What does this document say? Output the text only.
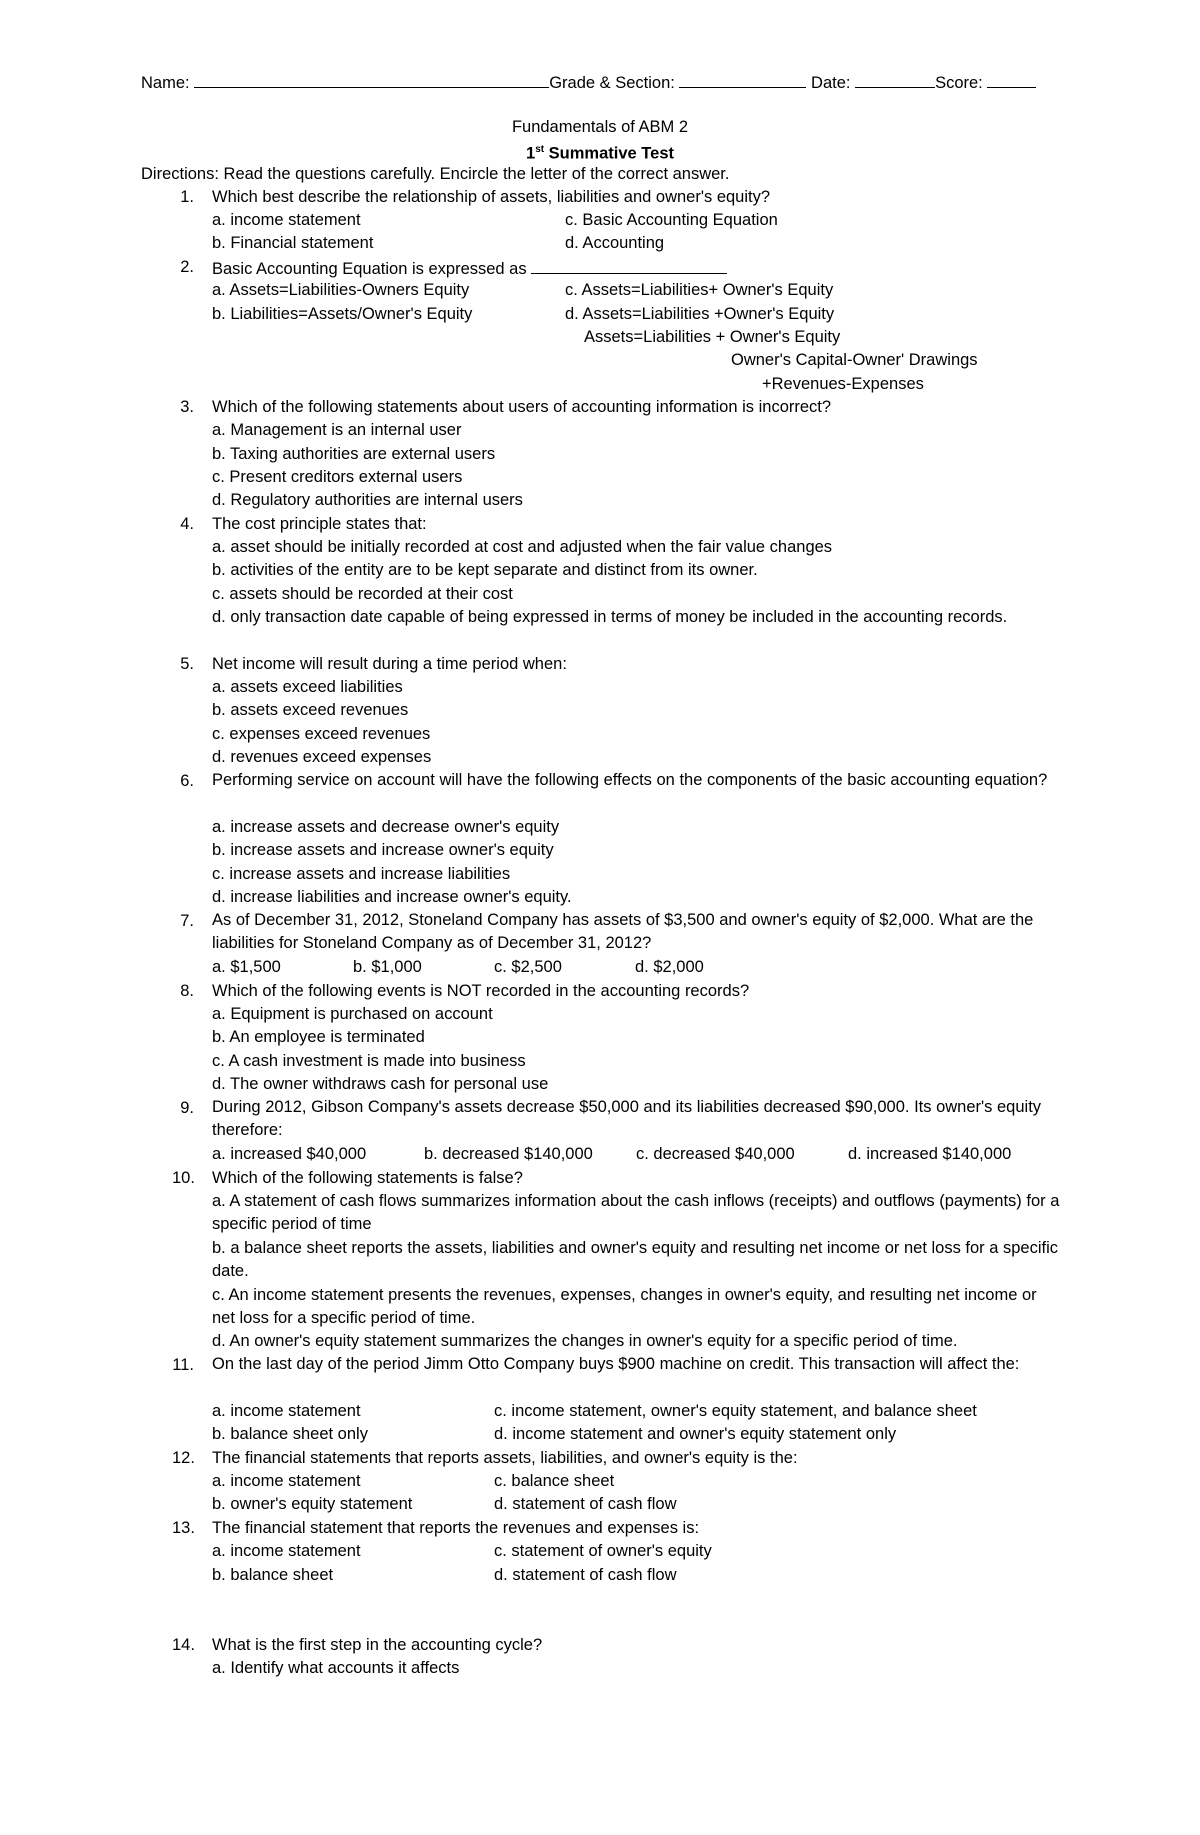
Name:	Grade & Section:	Date:	Score:
Fundamentals of ABM 2
1st Summative Test
Directions: Read the questions carefully. Encircle the letter of the correct answer.
1. Which best describe the relationship of assets, liabilities and owner's equity?
a. income statement	c. Basic Accounting Equation
b. Financial statement	d. Accounting
2. Basic Accounting Equation is expressed as
a. Assets=Liabilities-Owners Equity	c. Assets=Liabilities+ Owner's Equity
b. Liabilities=Assets/Owner's Equity	d. Assets=Liabilities +Owner's Equity
Assets=Liabilities + Owner's Equity
Owner's Capital-Owner' Drawings
+Revenues-Expenses
3. Which of the following statements about users of accounting information is incorrect?
a. Management is an internal user
b. Taxing authorities are external users
c. Present creditors external users
d. Regulatory authorities are internal users
4. The cost principle states that:
a. asset should be initially recorded at cost and adjusted when the fair value changes
b. activities of the entity are to be kept separate and distinct from its owner.
c. assets should be recorded at their cost
d. only transaction date capable of being expressed in terms of money be included in the accounting records.
5. Net income will result during a time period when:
a. assets exceed liabilities
b. assets exceed revenues
c. expenses exceed revenues
d. revenues exceed expenses
6. Performing service on account will have the following effects on the components of the basic accounting equation?
a. increase assets and decrease owner's equity
b. increase assets and increase owner's equity
c. increase assets and increase liabilities
d. increase liabilities and increase owner's equity.
7. As of December 31, 2012, Stoneland Company has assets of $3,500 and owner's equity of $2,000. What are the liabilities for Stoneland Company as of December 31, 2012?
a. $1,500	b. $1,000	c. $2,500	d. $2,000
8. Which of the following events is NOT recorded in the accounting records?
a. Equipment is purchased on account
b. An employee is terminated
c. A cash investment is made into business
d. The owner withdraws cash for personal use
9. During 2012, Gibson Company's assets decrease $50,000 and its liabilities decreased $90,000. Its owner's equity therefore:
a. increased $40,000	b. decreased $140,000	c. decreased $40,000	d. increased $140,000
10. Which of the following statements is false?
a. A statement of cash flows summarizes information about the cash inflows (receipts) and outflows (payments) for a specific period of time
b. a balance sheet reports the assets, liabilities and owner's equity and resulting net income or net loss for a specific date.
c. An income statement presents the revenues, expenses, changes in owner's equity, and resulting net income or net loss for a specific period of time.
d. An owner's equity statement summarizes the changes in owner's equity for a specific period of time.
11. On the last day of the period Jimm Otto Company buys $900 machine on credit. This transaction will affect the:
a. income statement	c. income statement, owner's equity statement, and balance sheet
b. balance sheet only	d. income statement and owner's equity statement only
12. The financial statements that reports assets, liabilities, and owner's equity is the:
a. income statement	c. balance sheet
b. owner's equity statement	d. statement of cash flow
13. The financial statement that reports the revenues and expenses is:
a. income statement	c. statement of owner's equity
b. balance sheet	d. statement of cash flow
14. What is the first step in the accounting cycle?
a. Identify what accounts it affects
